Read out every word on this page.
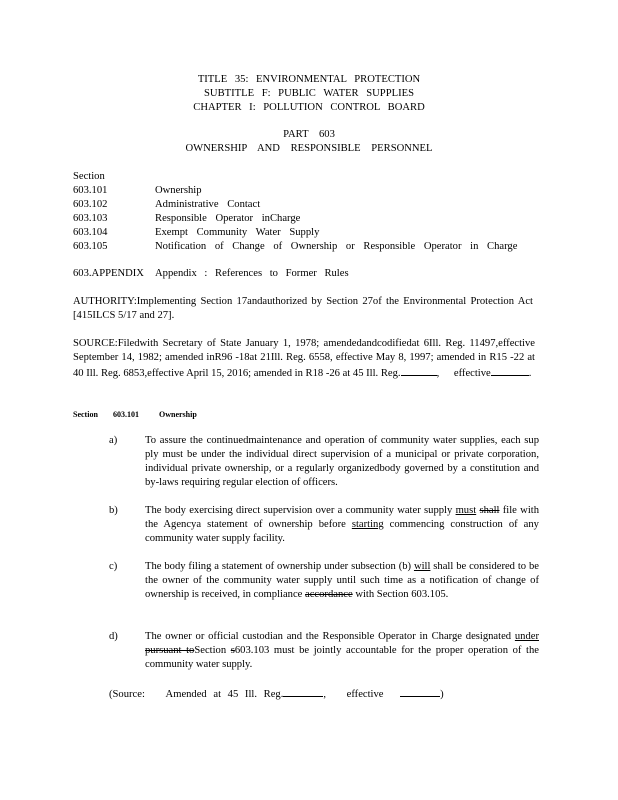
TITLE 35: ENVIRONMENTAL PROTECTION
SUBTITLE F: PUBLIC WATER SUPPLIES
CHAPTER I: POLLUTION CONTROL BOARD
PART 603
OWNERSHIP AND RESPONSIBLE PERSONNEL
Section
603.101	Ownership
603.102	Administrative Contact
603.103	Responsible Operator inCharge
603.104	Exempt Community Water Supply
603.105	Notification of Change of Ownership or Responsible Operator in Charge
603.APPENDIX Appendix : References to Former Rules
AUTHORITY:Implementing Section 17andauthorized by Section 27of the Environmental Protection Act [415ILCS 5/17 and 27].
SOURCE:Filedwith Secretary of State January 1, 1978; amendedandcodifiedat 6Ill. Reg. 11497,effective September 14, 1982; amended inR96 -18at 21Ill. Reg. 6558, effective May 8, 1997; amended in R15 -22 at 40 Ill. Reg. 6853,effective April 15, 2016; amended in R18 -26 at 45 Ill. Reg.	, effective	.
Section 603.101	Ownership
a)	To assure the continuedmaintenance and operation of community water supplies, each sup ply must be under the individual direct supervision of a municipal or private corporation, individual private ownership, or a regularly organizedbody governed by a constitution and by-laws requiring regular election of officers.
b)	The body exercising direct supervision over a community water supply must shall file with the Agencya statement of ownership before starting commencing construction of any community water supply facility.
c)	The body filing a statement of ownership under subsection (b) will shall be considered to be the owner of the community water supply until such time as a notification of change of ownership is received, in compliance accordance with Section 603.105.
d)	The owner or official custodian and the Responsible Operator in Charge designated under pursuant toSection s603.103 must be jointly accountable for the proper operation of the community water supply.
(Source: Amended at 45 Ill. Reg.	, effective	)
